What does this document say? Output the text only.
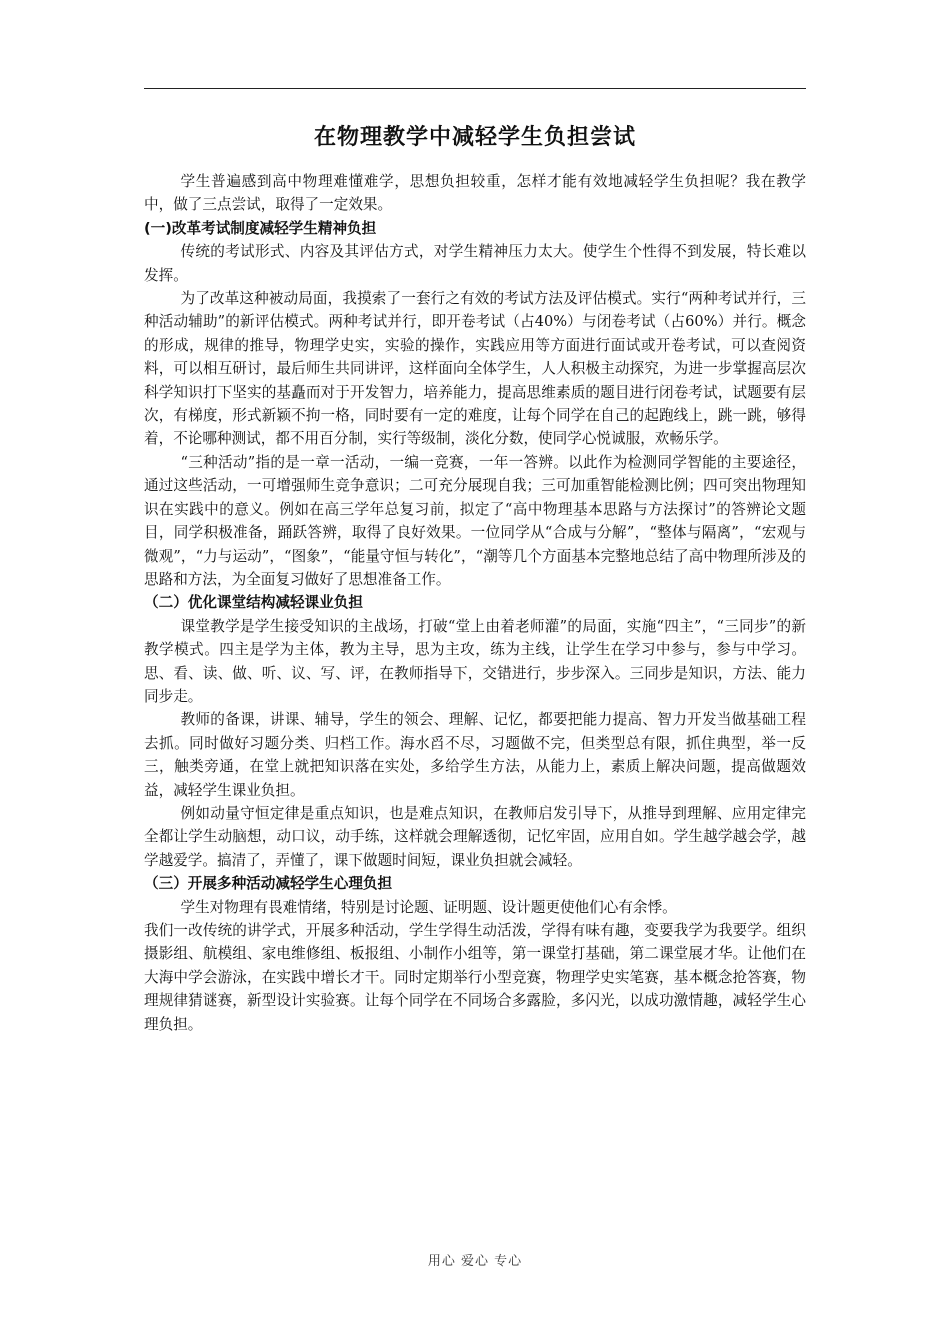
在物理教学中减轻学生负担尝试

学生普遍感到高中物理难懂难学，思想负担较重，怎样才能有效地减轻学生负担呢？我在教学中，做了三点尝试，取得了一定效果。

(一)改革考试制度减轻学生精神负担

传统的考试形式、内容及其评估方式，对学生精神压力太大。使学生个性得不到发展，特长难以发挥。

为了改革这种被动局面，我摸索了一套行之有效的考试方法及评估模式。实行“两种考试并行，三种活动辅助”的新评估模式。两种考试并行，即开卷考试（占40%）与闭卷考试（占60%）并行。概念的形成，规律的推导，物理学史实，实验的操作，实践应用等方面进行面试或开卷考试，可以查阅资料，可以相互研讨，最后师生共同讲评，这样面向全体学生，人人积极主动探究，为进一步掌握高层次科学知识打下坚实的基矗而对于开发智力，培养能力，提高思维素质的题目进行闭卷考试，试题要有层次，有梯度，形式新颖不拘一格，同时要有一定的难度，让每个同学在自己的起跑线上，跳一跳，够得着，不论哪种测试，都不用百分制，实行等级制，淡化分数，使同学心悦诚服，欢畅乐学。

“三种活动”指的是一章一活动，一编一竞赛，一年一答辨。以此作为检测同学智能的主要途径，通过这些活动，一可增强师生竞争意识；二可充分展现自我；三可加重智能检测比例；四可突出物理知识在实践中的意义。例如在高三学年总复习前，拟定了“高中物理基本思路与方法探讨”的答辨论文题目，同学积极准备，踊跃答辨，取得了良好效果。一位同学从“合成与分解”，“整体与隔离”，“宏观与微观”，“力与运动”，“图象”，“能量守恒与转化”，“潮等几个方面基本完整地总结了高中物理所涉及的思路和方法，为全面复习做好了思想准备工作。

（二）优化课堂结构减轻课业负担

课堂教学是学生接受知识的主战场，打破“堂上由着老师灌”的局面，实施“四主”，“三同步”的新教学模式。四主是学为主体，教为主导，思为主攻，练为主线，让学生在学习中参与，参与中学习。思、看、读、做、听、议、写、评，在教师指导下，交错进行，步步深入。三同步是知识，方法、能力同步走。

教师的备课，讲课、辅导，学生的领会、理解、记忆，都要把能力提高、智力开发当做基础工程去抓。同时做好习题分类、归档工作。海水舀不尽，习题做不完，但类型总有限，抓住典型，举一反三，触类旁通，在堂上就把知识落在实处，多给学生方法，从能力上，素质上解决问题，提高做题效益，减轻学生课业负担。

例如动量守恒定律是重点知识，也是难点知识，在教师启发引导下，从推导到理解、应用定律完全都让学生动脑想，动口议，动手练，这样就会理解透彻，记忆牢固，应用自如。学生越学越会学，越学越爱学。搞清了，弄懂了，课下做题时间短，课业负担就会减轻。

（三）开展多种活动减轻学生心理负担

学生对物理有畏难情绪，特别是讨论题、证明题、设计题更使他们心有余悸。

我们一改传统的讲学式，开展多种活动，学生学得生动活泼，学得有味有趣，变要我学为我要学。组织摄影组、航模组、家电维修组、板报组、小制作小组等，第一课堂打基础，第二课堂展才华。让他们在大海中学会游泳，在实践中增长才干。同时定期举行小型竞赛，物理学史实笔赛，基本概念抢答赛，物理规律猜谜赛，新型设计实验赛。让每个同学在不同场合多露脸，多闪光，以成功激情趣，减轻学生心理负担。

用心 爱心 专心
